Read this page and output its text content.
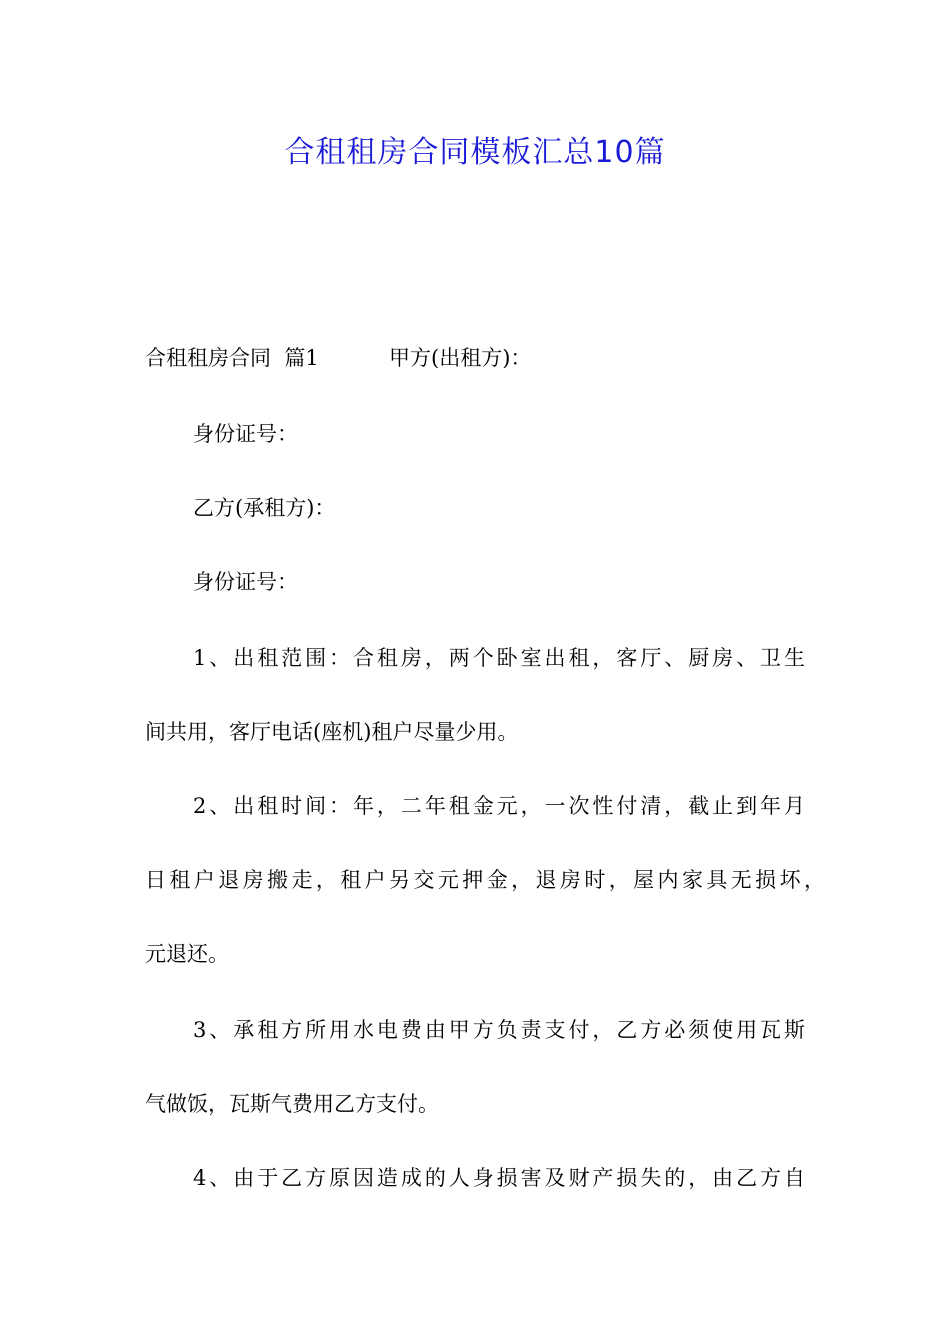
合租租房合同模板汇总10篇
合租租房合同  篇1	甲方(出租方)：
身份证号：
乙方(承租方)：
身份证号：
1、出租范围：合租房，两个卧室出租，客厅、厨房、卫生
间共用，客厅电话(座机)租户尽量少用。
2、出租时间：年，二年租金元，一次性付清，截止到年月
日租户退房搬走，租户另交元押金，退房时，屋内家具无损坏，
元退还。
3、承租方所用水电费由甲方负责支付，乙方必须使用瓦斯
气做饭，瓦斯气费用乙方支付。
4、由于乙方原因造成的人身损害及财产损失的，由乙方自
